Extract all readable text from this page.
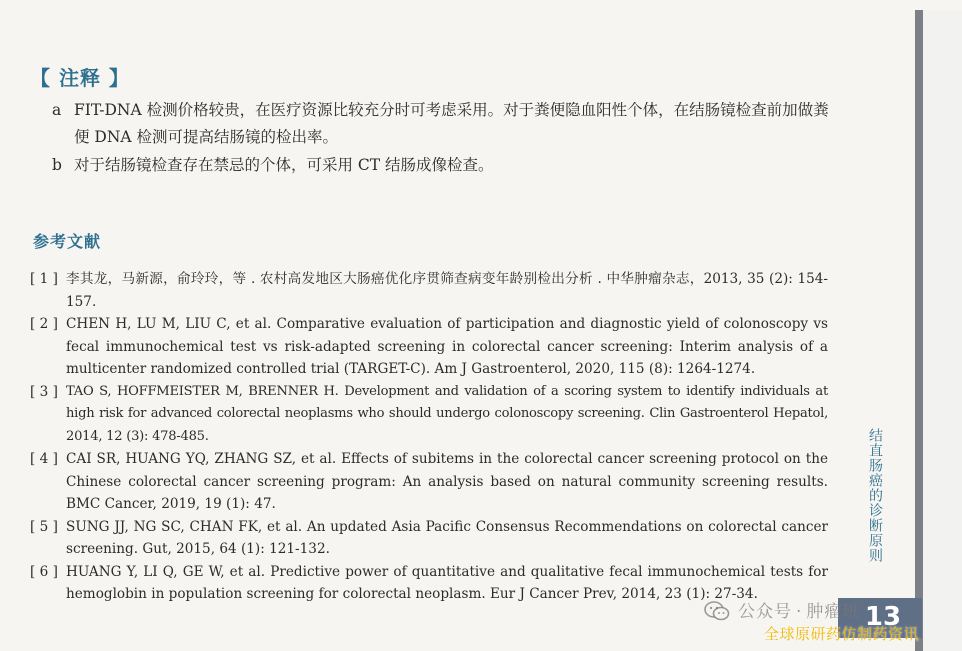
【 注释 】
a FIT-DNA 检测价格较贵，在医疗资源比较充分时可考虑采用。对于粪便隐血阳性个体，在结肠镜检查前加做粪便 DNA 检测可提高结肠镜的检出率。
b 对于结肠镜检查存在禁忌的个体，可采用 CT 结肠成像检查。
参考文献

[ 1 ] 李其龙，马新源，俞玲玲，等 . 农村高发地区大肠癌优化序贯筛查病变年龄别检出分析 . 中华肿瘤杂志，2013, 35 (2): 154-157.

[ 2 ] CHEN H, LU M, LIU C, et al. Comparative evaluation of participation and diagnostic yield of colonoscopy vs fecal immunochemical test vs risk-adapted screening in colorectal cancer screening: Interim analysis of a multicenter randomized controlled trial (TARGET-C). Am J Gastroenterol, 2020, 115 (8): 1264-1274.

[ 3 ] TAO S, HOFFMEISTER M, BRENNER H. Development and validation of a scoring system to identify individuals at high risk for advanced colorectal neoplasms who should undergo colonoscopy screening. Clin Gastroenterol Hepatol, 2014, 12 (3): 478-485.

[ 4 ] CAI SR, HUANG YQ, ZHANG SZ, et al. Effects of subitems in the colorectal cancer screening protocol on the Chinese colorectal cancer screening program: An analysis based on natural community screening results. BMC Cancer, 2019, 19 (1): 47.

[ 5 ] SUNG JJ, NG SC, CHAN FK, et al. An updated Asia Pacific Consensus Recommendations on colorectal cancer screening. Gut, 2015, 64 (1): 121-132.

[ 6 ] HUANG Y, LI Q, GE W, et al. Predictive power of quantitative and qualitative fecal immunochemical tests for hemoglobin in population screening for colorectal neoplasm. Eur J Cancer Prev, 2014, 23 (1): 27-34.

结直肠癌的诊断原则
13
公众号 · 肿瘤班
全球原研药仿制药资讯
